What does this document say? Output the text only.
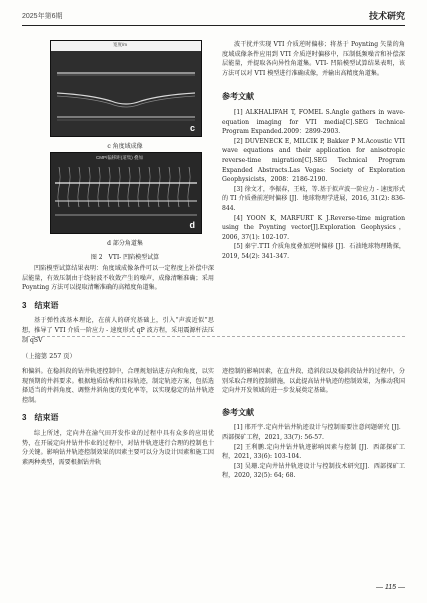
2025年第6期	技术研究
宽度/m
c
c 角度域成像
CMP/偏移距(道集) 叠加
d
d 部分角道集
图 2　VTI- 凹陷模型试算

凹陷模型试算结果表明：角度域成像条件可以一定程度上补偿中深层能量，有效压制由于绕射波不收敛产生的噪声，成像清晰准确；采用 Poynting 方法可以提取清晰准确的高精度角道集。

3　结束语

基于弹性波基本理论，在前人的研究基础上，引入“声波近似”思想，推导了 VTI 介质一阶应力 - 速度形式 qP 波方程，采用震源杆法压制 qSV

波干扰并实现 VTI 介质逆时偏移；将基于 Poynting 矢量的角度域成像条件应用到 VTI 介质逆时偏移中，压制低频噪音和补偿深层能量，并提取各向异性角道集。VTI- 凹陷模型试算结果表明，该方法可以对 VTI 模型进行准确成像，并输出高精度角道集。

参考文献

[1] ALKHALIFAH T, FOMEL S.Angle gathers in wave-equation imaging for VTI media[C].SEG Technical Program Expanded.2009：2899-2903.

[2] DUVENECK E, MILCIK P, Bakker P M.Acoustic VTI wave equations and their application for anisotropic reverse-time migration[C].SEG Technical Program Expanded Abstracts.Las Vegas: Society of Exploration Geophysicists，2008：2186-2190.

[3] 徐文才，李振春，王岐，等.基于拟声波一阶应力 - 速度形式的 TI 介质叠前逆时偏移 [J]．地球物理学进展，2016, 31(2): 836-844.

[4] YOON K, MARFURT K J.Reverse-time migration using the Poynting vector[J].Exploration Geophysics，2006, 37(1): 102-107.

[5] 秦宁.TTI 介质角度叠加逆时偏移 [J]．石油地球物理勘探，2019, 54(2): 341-347.

（上接第 257 页）

和偏斜。在稳斜段的钻井轨迹控制中，合理规划钻进方向和角度，以实现预期的井斜要求。根据地质结构和目标轨迹，制定轨迹方案，包括选择适当的井斜角度、调整井斜角度的变化率等，以实现稳定的钻井轨迹控制。

3　结束语

综上所述，定向井在渝气田开发作业的过程中具有众多的应用优势，在开展定向井钻井作业的过程中，对钻井轨迹进行合理的控制也十分关键。影响钻井轨迹控制效果的因素主要可以分为设计因素和施工因素两种类型，需要根据钻井轨

迹控制的影响因素，在直井段、造斜段以及稳斜段钻井的过程中，分别采取合理的控制措施，以此提高钻井轨迹的控制效果，为推动我国定向井开发领域的进一步发展奠定基础。

参考文献

[1] 邢开宇.定向井钻井轨迹设计与控制需要注意问题研究 [J]．西部探矿工程，2021, 33(7): 56-57.

[2] 王利鹏.定向井钻井轨迹影响因素与控制 [J]．西部探矿工程，2021, 33(6): 103-104.

[3] 吴珊.定向井钻井轨迹设计与控制技术研究[J]．西部探矿工程，2020, 32(5): 64; 68.

— 115 —
